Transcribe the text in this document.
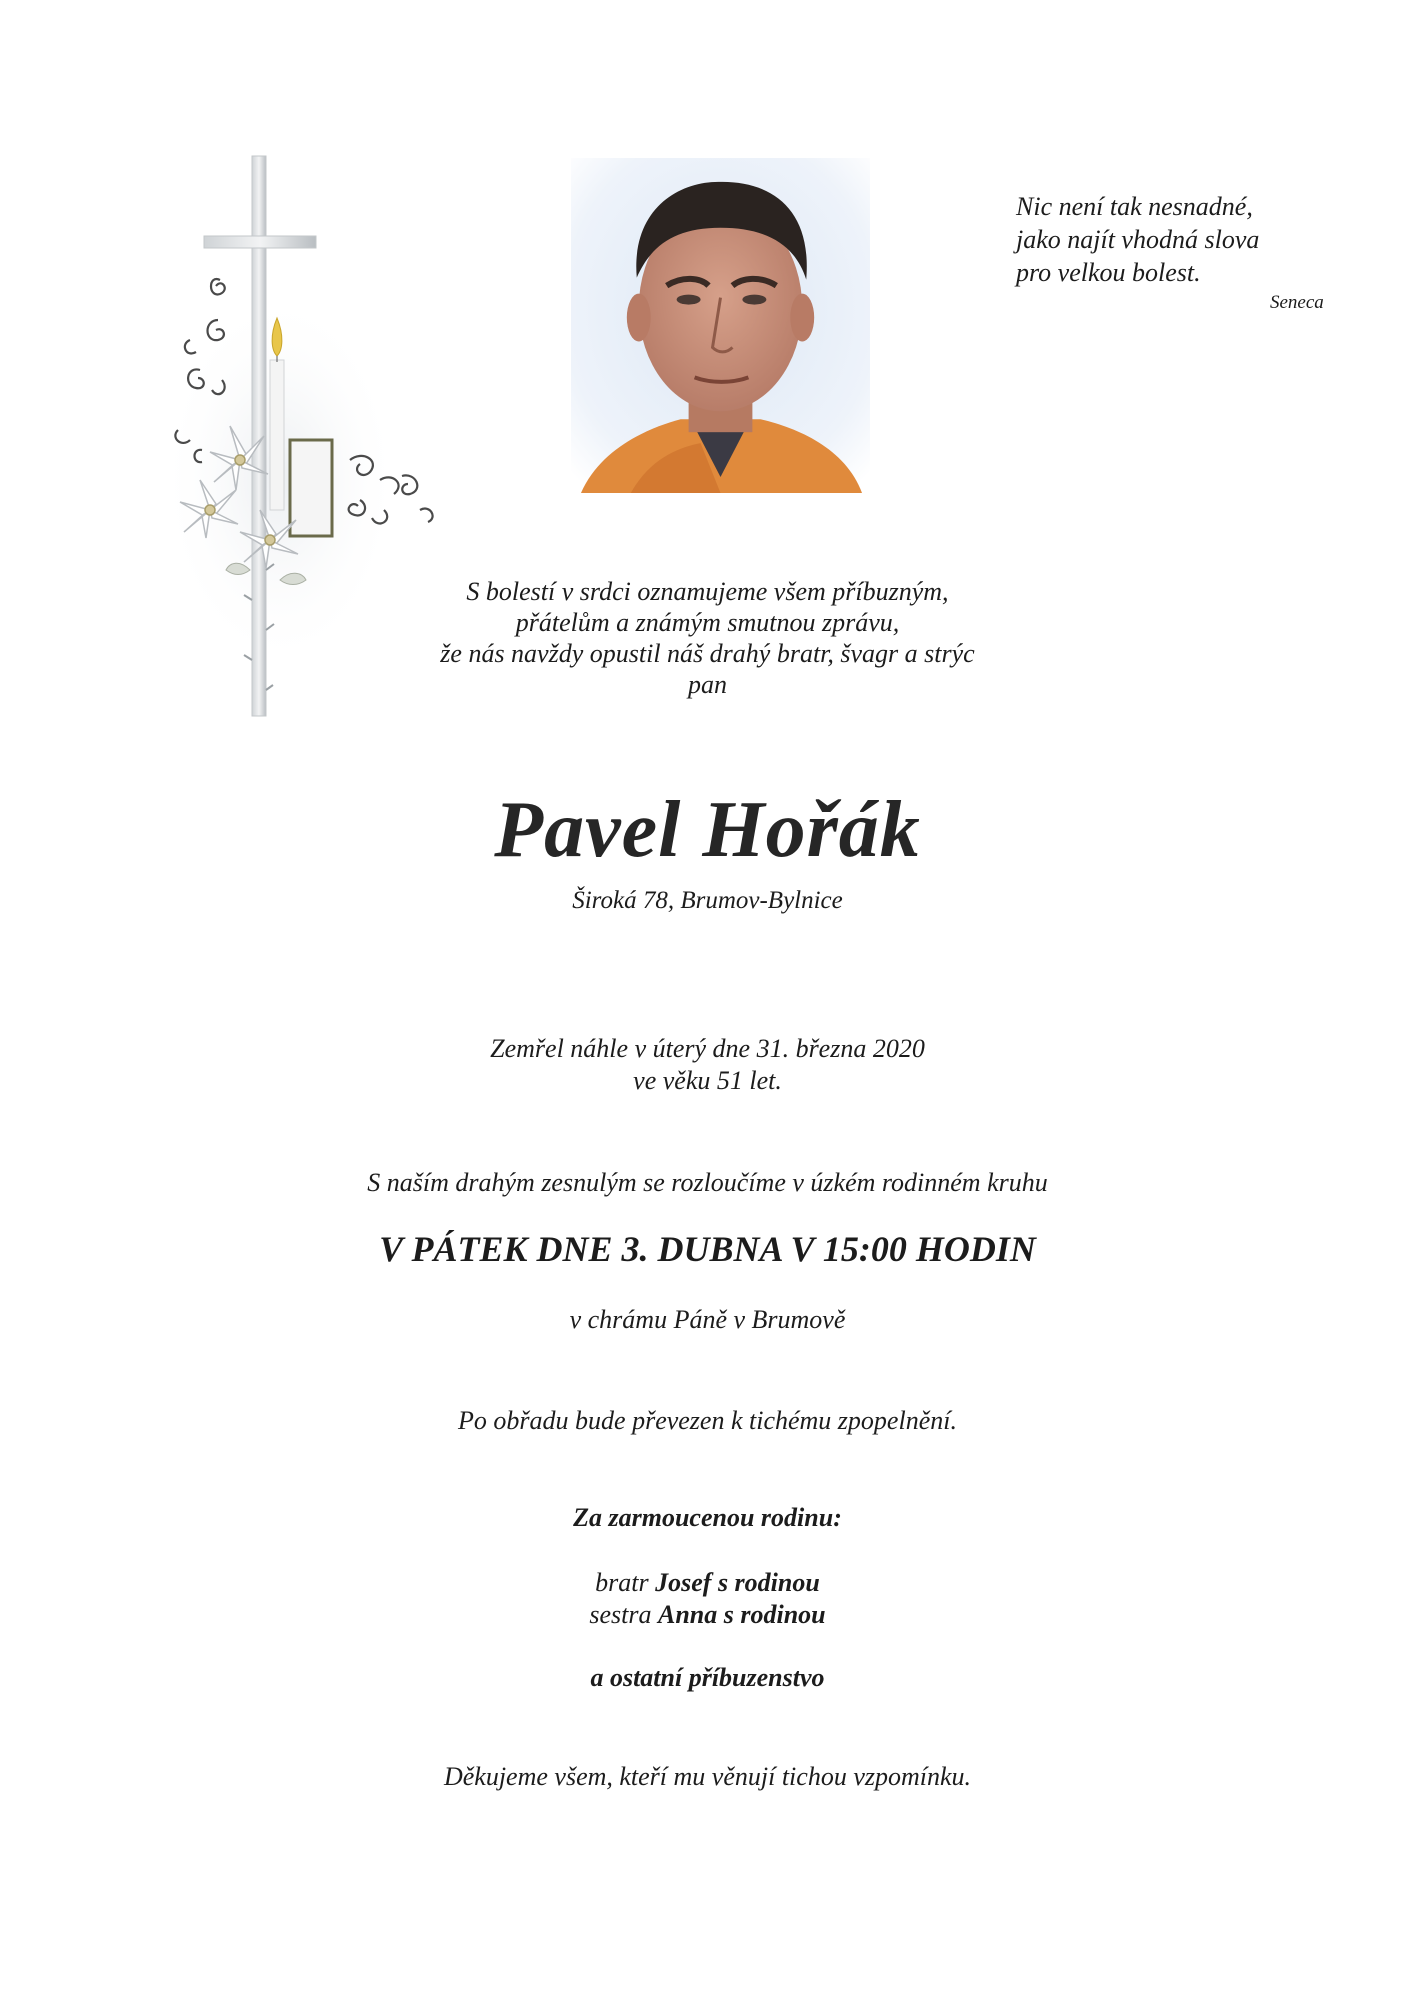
Nic není tak nesnadné,
jako najít vhodná slova
pro velkou bolest.
Seneca
S bolestí v srdci oznamujeme všem příbuzným,
přátelům a známým smutnou zprávu,
že nás navždy opustil náš drahý bratr, švagr a strýc
pan
Pavel Hořák
Široká 78, Brumov-Bylnice
Zemřel náhle v úterý dne 31. března 2020
ve věku 51 let.
S naším drahým zesnulým se rozloučíme v úzkém rodinném kruhu
V PÁTEK DNE 3. DUBNA V 15:00 HODIN
v chrámu Páně v Brumově
Po obřadu bude převezen k tichému zpopelnění.
Za zarmoucenou rodinu:
bratr Josef s rodinou
sestra Anna s rodinou
a ostatní příbuzenstvo
Děkujeme všem, kteří mu věnují tichou vzpomínku.
